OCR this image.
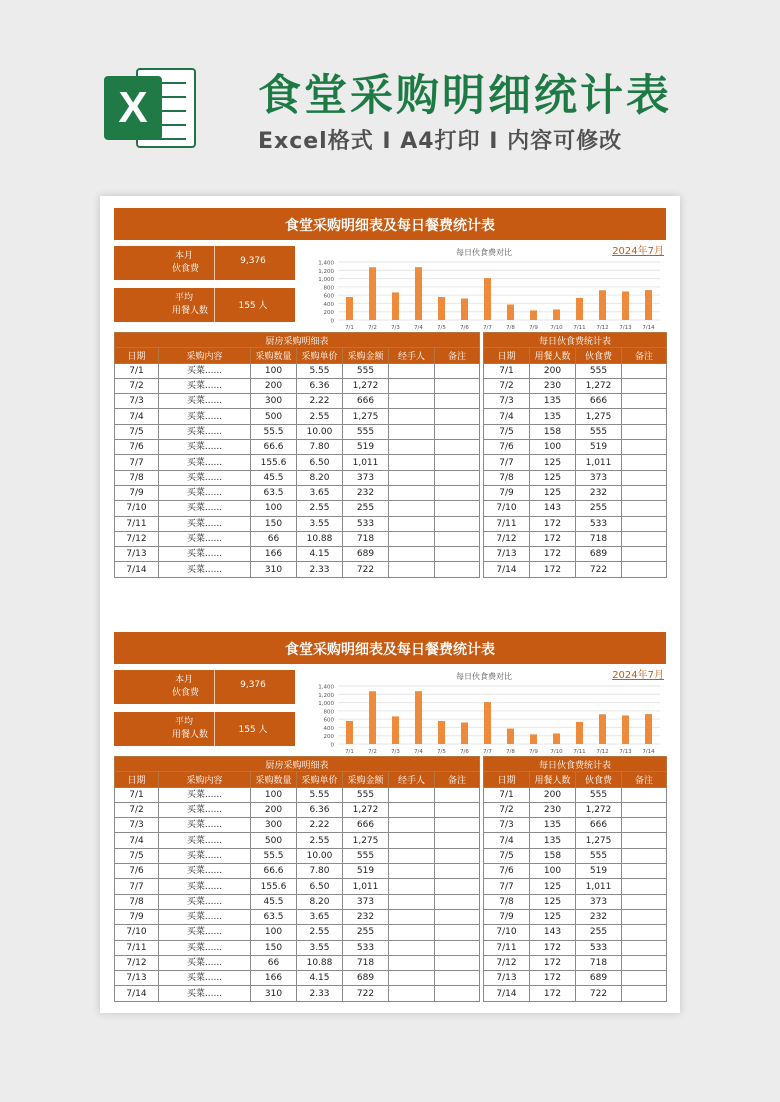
X	食堂采购明细统计表
Excel格式 I A4打印 I 内容可修改
食堂采购明细表及每日餐费统计表
2024年7月
本月
伙食费
9,376
平均
用餐人数	155 人
每日伙食费对比
1,400
1,200
1,000
800
600
400
200
0
7/1	7/2	7/3	7/4	7/5	7/6	7/7	7/8	7/9 7/10 7/11 7/12 7/13 7/14
厨房采购明细表						
日期	采购内容	采购数量	采购单价	采购金额	经手人	备注
7/1	买菜......	100	5.55	555		
7/2	买菜......	200	6.36	1,272		
7/3	买菜......	300	2.22	666		
7/4	买菜......	500	2.55	1,275		
7/5	买菜......	55.5	10.00	555		
7/6	买菜......	66.6	7.80	519		
7/7	买菜......	155.6	6.50	1,011		
7/8	买菜......	45.5	8.20	373		
7/9	买菜......	63.5	3.65	232		
7/10	买菜......	100	2.55	255		
7/11	买菜......	150	3.55	533		
7/12	买菜......	66	10.88	718		
7/13	买菜......	166	4.15	689		
7/14	买菜......	310	2.33	722		
每日伙食费统计表			
日期	用餐人数	伙食费	备注
7/1	200	555	
7/2	230	1,272	
7/3	135	666	
7/4	135	1,275	
7/5	158	555	
7/6	100	519	
7/7	125	1,011	
7/8	125	373	
7/9	125	232	
7/10	143	255	
7/11	172	533	
7/12	172	718	
7/13	172	689	
7/14	172	722	
食堂采购明细表及每日餐费统计表
2024年7月
本月
伙食费
9,376
平均
用餐人数	155 人
每日伙食费对比
1,400
1,200
1,000
800
600
400
200
0
7/1	7/2	7/3	7/4	7/5	7/6	7/7	7/8	7/9 7/10 7/11 7/12 7/13 7/14
厨房采购明细表						
日期	采购内容	采购数量	采购单价	采购金额	经手人	备注
7/1	买菜......	100	5.55	555		
7/2	买菜......	200	6.36	1,272		
7/3	买菜......	300	2.22	666		
7/4	买菜......	500	2.55	1,275		
7/5	买菜......	55.5	10.00	555		
7/6	买菜......	66.6	7.80	519		
7/7	买菜......	155.6	6.50	1,011		
7/8	买菜......	45.5	8.20	373		
7/9	买菜......	63.5	3.65	232		
7/10	买菜......	100	2.55	255		
7/11	买菜......	150	3.55	533		
7/12	买菜......	66	10.88	718		
7/13	买菜......	166	4.15	689		
7/14	买菜......	310	2.33	722		
每日伙食费统计表			
日期	用餐人数	伙食费	备注
7/1	200	555	
7/2	230	1,272	
7/3	135	666	
7/4	135	1,275	
7/5	158	555	
7/6	100	519	
7/7	125	1,011	
7/8	125	373	
7/9	125	232	
7/10	143	255	
7/11	172	533	
7/12	172	718	
7/13	172	689	
7/14	172	722	
